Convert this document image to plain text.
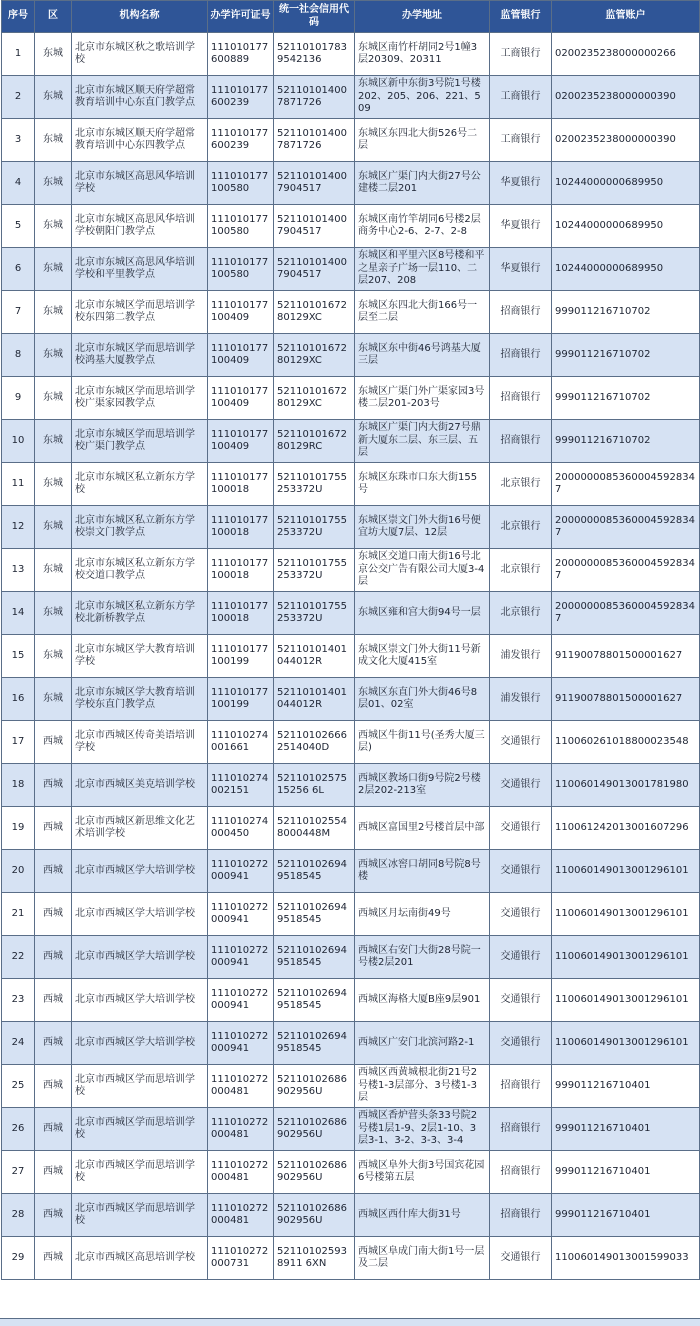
序号	区	机构名称	办学许可证号	统一社会信用代码	办学地址	监管银行	监管账户
1	东城	北京市东城区秋之歌培训学校	111010177600889	521101017839542136	东城区南竹杆胡同2号1幢3层20309、20311	工商银行	0200235238000000266
2	东城	北京市东城区顺天府学超常教育培训中心东直门教学点	111010177600239	521101014007871726	东城区新中东街3号院1号楼202、205、206、221、509	工商银行	0200235238000000390
3	东城	北京市东城区顺天府学超常教育培训中心东四教学点	111010177600239	521101014007871726	东城区东四北大街526号二层	工商银行	0200235238000000390
4	东城	北京市东城区高思风华培训学校	111010177100580	521101014007904517	东城区广渠门内大街27号公建楼二层201	华夏银行	10244000000689950
5	东城	北京市东城区高思风华培训学校朝阳门教学点	111010177100580	521101014007904517	东城区南竹竿胡同6号楼2层商务中心2-6、2-7、2-8	华夏银行	10244000000689950
6	东城	北京市东城区高思风华培训学校和平里教学点	111010177100580	521101014007904517	东城区和平里六区8号楼和平之星亲子广场一层110、二层207、208	华夏银行	10244000000689950
7	东城	北京市东城区学而思培训学校东四第二教学点	111010177100409	5211010167280129XC	东城区东四北大街166号一层至二层	招商银行	999011216710702
8	东城	北京市东城区学而思培训学校鸿基大厦教学点	111010177100409	5211010167280129XC	东城区东中街46号鸿基大厦三层	招商银行	999011216710702
9	东城	北京市东城区学而思培训学校广渠家园教学点	111010177100409	5211010167280129XC	东城区广渠门外广渠家园3号楼二层201-203号	招商银行	999011216710702
10	东城	北京市东城区学而思培训学校广渠门教学点	111010177100409	5211010167280129RC	东城区广渠门内大街27号鼎新大厦东二层、东三层、五层	招商银行	999011216710702
11	东城	北京市东城区私立新东方学校	111010177100018	52110101755253372U	东城区东珠市口东大街155号	北京银行	20000000853600045928347
12	东城	北京市东城区私立新东方学校崇文门教学点	111010177100018	52110101755253372U	东城区崇文门外大街16号便宜坊大厦7层、12层	北京银行	20000000853600045928347
13	东城	北京市东城区私立新东方学校交道口教学点	111010177100018	52110101755253372U	东城区交道口南大街16号北京公交广告有限公司大厦3-4层	北京银行	20000000853600045928347
14	东城	北京市东城区私立新东方学校北新桥教学点	111010177100018	52110101755253372U	东城区雍和宫大街94号一层	北京银行	20000000853600045928347
15	东城	北京市东城区学大教育培训学校	111010177100199	52110101401044012R	东城区崇文门外大街11号新成文化大厦415室	浦发银行	91190078801500001627
16	东城	北京市东城区学大教育培训学校东直门教学点	111010177100199	52110101401044012R	东城区东直门外大街46号8层01、02室	浦发银行	91190078801500001627
17	西城	北京市西城区传奇美语培训学校	111010274001661	521101026662514040D	西城区牛街11号(圣秀大厦三层)	交通银行	110060261018800023548
18	西城	北京市西城区美克培训学校	111010274002151	5211010257515256 6L	西城区教场口街9号院2号楼2层202-213室	交通银行	110060149013001781980
19	西城	北京市西城区新思维文化艺术培训学校	111010274000450	521101025548000448M	西城区富国里2号楼首层中部	交通银行	110061242013001607296
20	西城	北京市西城区学大培训学校	111010272000941	521101026949518545	西城区冰窖口胡同8号院8号楼	交通银行	110060149013001296101
21	西城	北京市西城区学大培训学校	111010272000941	521101026949518545	西城区月坛南街49号	交通银行	110060149013001296101
22	西城	北京市西城区学大培训学校	111010272000941	521101026949518545	西城区右安门大街28号院一号楼2层201	交通银行	110060149013001296101
23	西城	北京市西城区学大培训学校	111010272000941	521101026949518545	西城区海格大厦B座9层901	交通银行	110060149013001296101
24	西城	北京市西城区学大培训学校	111010272000941	521101026949518545	西城区广安门北滨河路2-1	交通银行	110060149013001296101
25	西城	北京市西城区学而思培训学校	111010272000481	52110102686902956U	西城区西黄城根北街21号2号楼1-3层部分、3号楼1-3层	招商银行	999011216710401
26	西城	北京市西城区学而思培训学校	111010272000481	52110102686902956U	西城区香炉营头条33号院2号楼1层1-9、2层1-10、3层3-1、3-2、3-3、3-4	招商银行	999011216710401
27	西城	北京市西城区学而思培训学校	111010272000481	52110102686902956U	西城区阜外大街3号国宾花园6号楼第五层	招商银行	999011216710401
28	西城	北京市西城区学而思培训学校	111010272000481	52110102686902956U	西城区西什库大街31号	招商银行	999011216710401
29	西城	北京市西城区高思培训学校	111010272000731	521101025938911 6XN	西城区阜成门南大街1号一层及二层	交通银行	110060149013001599033
